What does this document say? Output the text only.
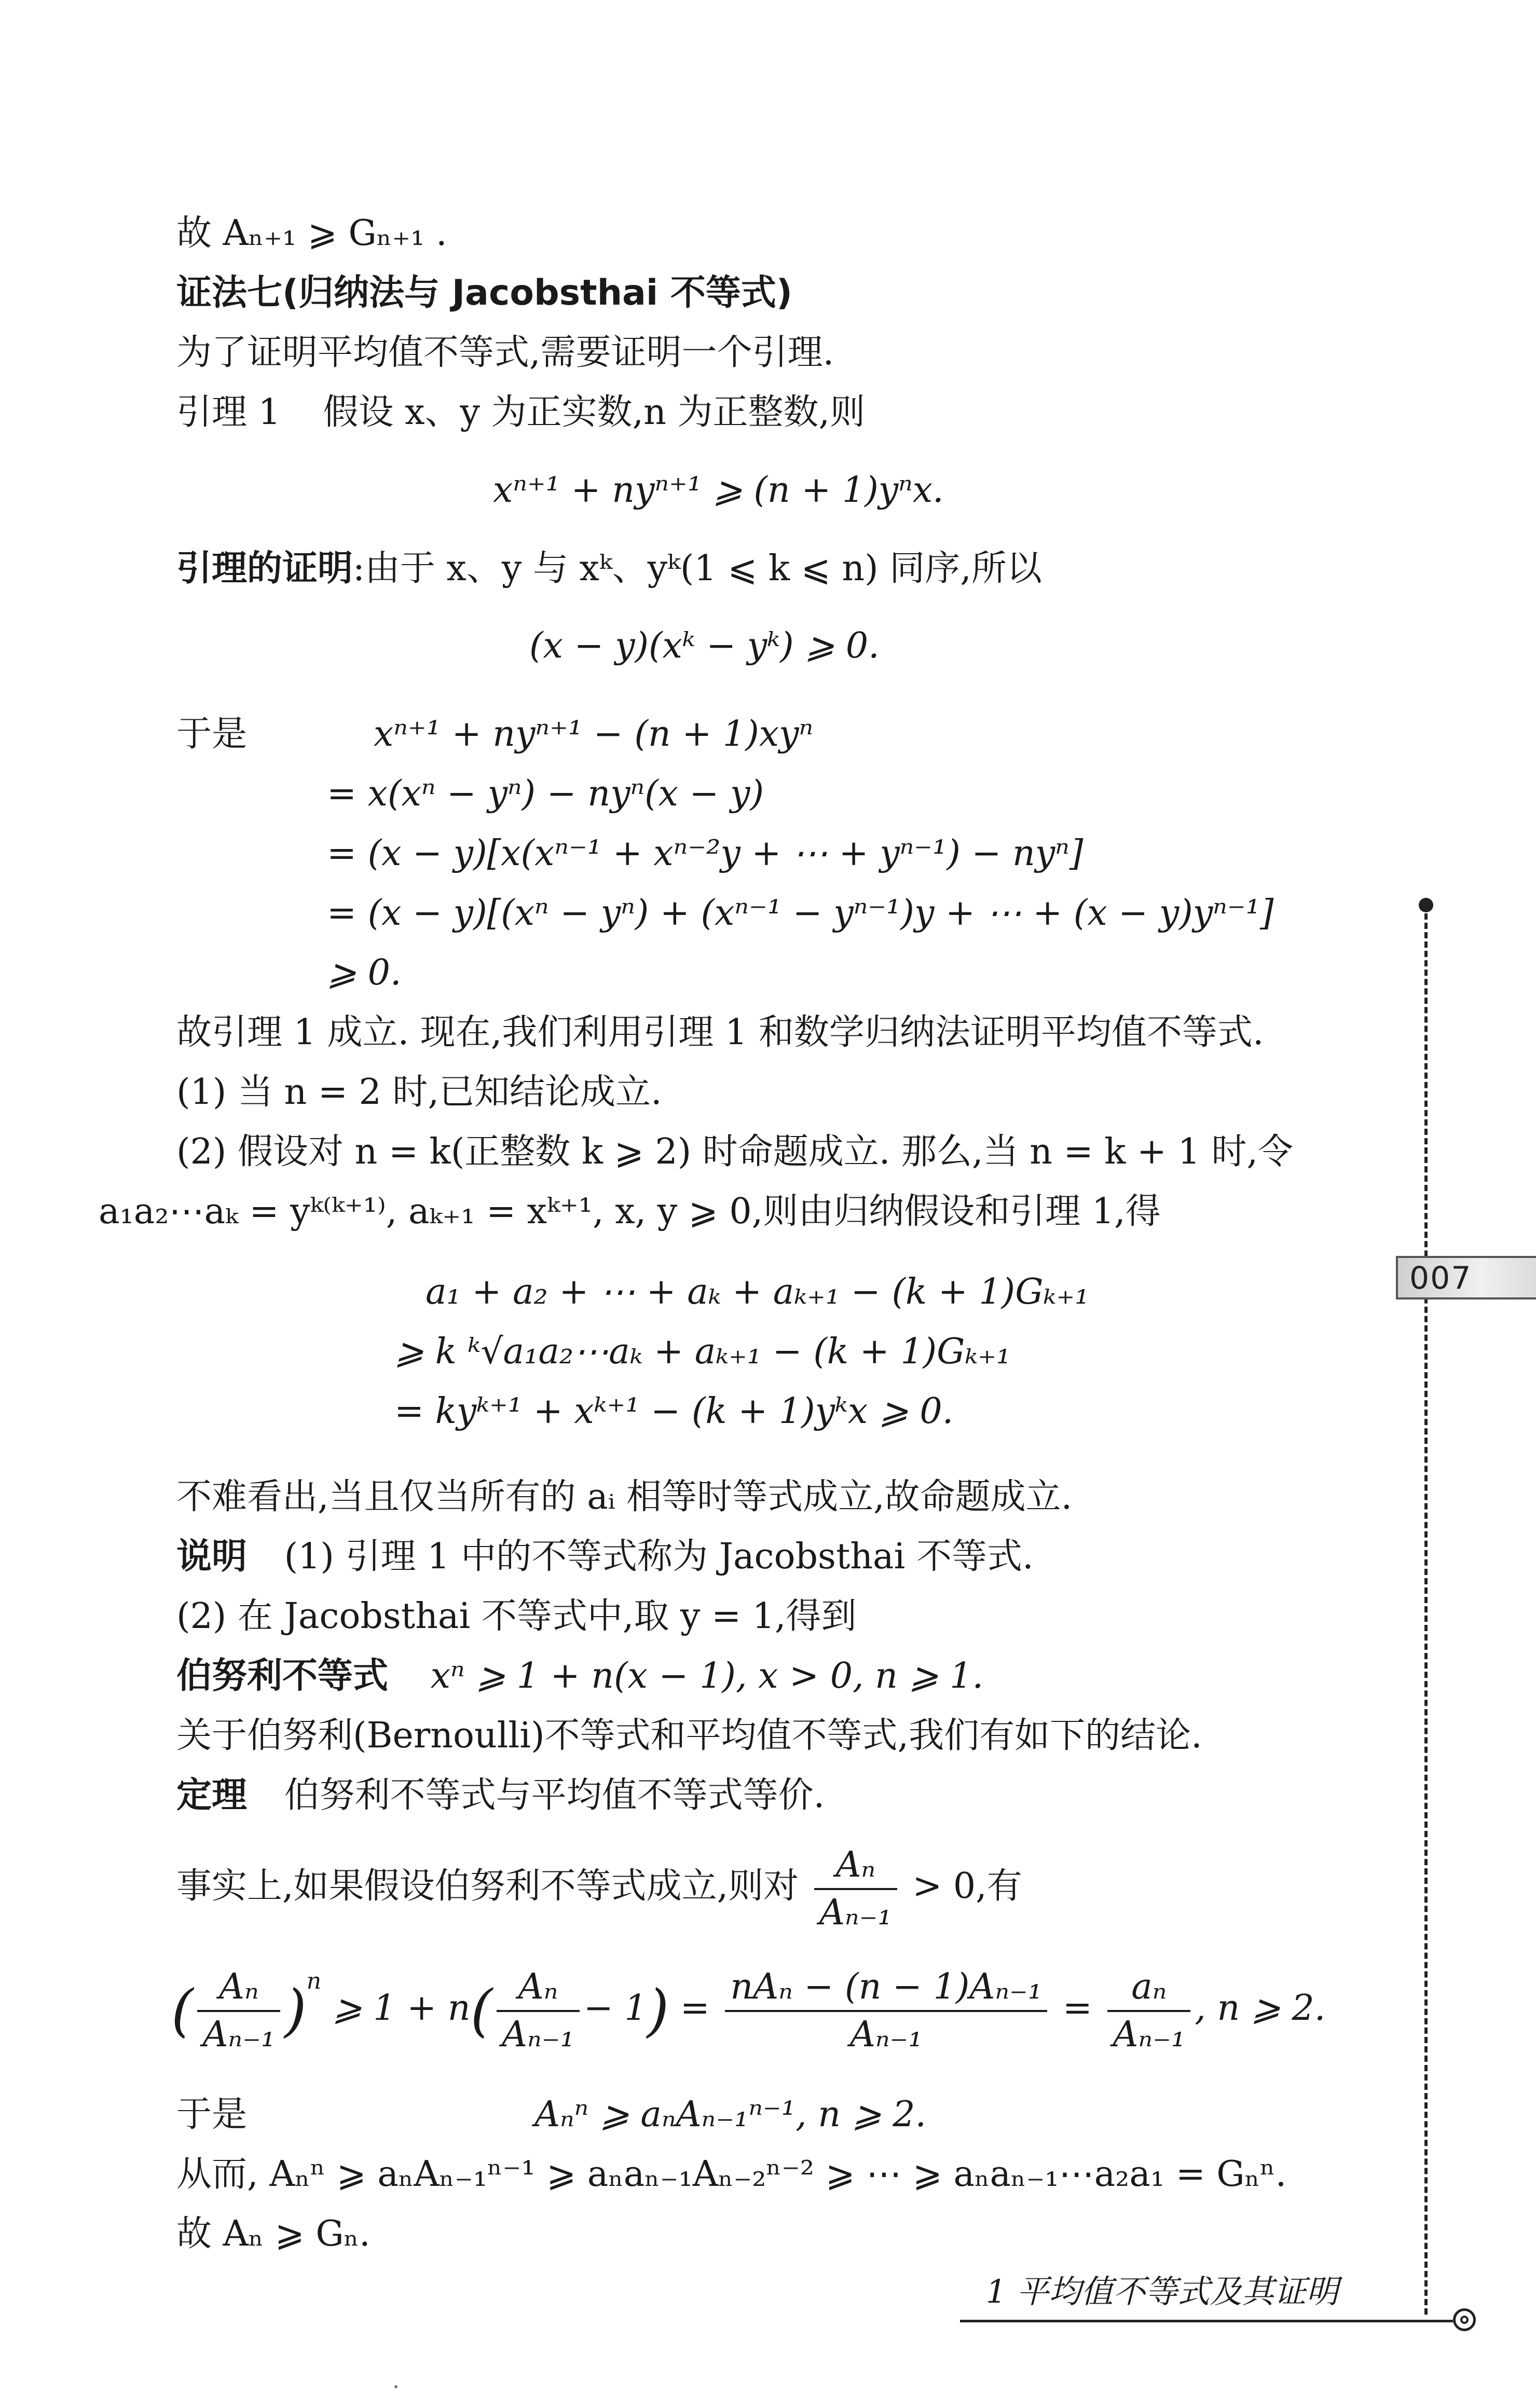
故 Aₙ₊₁ ⩾ Gₙ₊₁ .
证法七(归纳法与 Jacobsthai 不等式)
为了证明平均值不等式,需要证明一个引理.
引理 1 假设 x、y 为正实数,n 为正整数,则
xⁿ⁺¹ + nyⁿ⁺¹ ⩾ (n + 1)yⁿx.
引理的证明:由于 x、y 与 xᵏ、yᵏ(1 ⩽ k ⩽ n) 同序,所以
(x − y)(xᵏ − yᵏ) ⩾ 0.
于是	xⁿ⁺¹ + nyⁿ⁺¹ − (n + 1)xyⁿ
= x(xⁿ − yⁿ) − nyⁿ(x − y)
= (x − y)[x(xⁿ⁻¹ + xⁿ⁻²y + ⋯ + yⁿ⁻¹) − nyⁿ]
= (x − y)[(xⁿ − yⁿ) + (xⁿ⁻¹ − yⁿ⁻¹)y + ⋯ + (x − y)yⁿ⁻¹]
⩾ 0.
故引理 1 成立. 现在,我们利用引理 1 和数学归纳法证明平均值不等式.
(1) 当 n = 2 时,已知结论成立.
(2) 假设对 n = k(正整数 k ⩾ 2) 时命题成立. 那么,当 n = k + 1 时,令
a₁a₂⋯aₖ = yᵏ⁽ᵏ⁺¹⁾, aₖ₊₁ = xᵏ⁺¹, x, y ⩾ 0,则由归纳假设和引理 1,得
a₁ + a₂ + ⋯ + aₖ + aₖ₊₁ − (k + 1)Gₖ₊₁
⩾ k ᵏ√a₁a₂⋯aₖ + aₖ₊₁ − (k + 1)Gₖ₊₁
= kyᵏ⁺¹ + xᵏ⁺¹ − (k + 1)yᵏx ⩾ 0.
不难看出,当且仅当所有的 aᵢ 相等时等式成立,故命题成立.
说明 (1) 引理 1 中的不等式称为 Jacobsthai 不等式.
(2) 在 Jacobsthai 不等式中,取 y = 1,得到
伯努利不等式 xⁿ ⩾ 1 + n(x − 1), x > 0, n ⩾ 1.
关于伯努利(Bernoulli)不等式和平均值不等式,我们有如下的结论.
定理 伯努利不等式与平均值不等式等价.
事实上,如果假设伯努利不等式成立,则对 $\frac{\text{Aₙ}}{\text{Aₙ₋₁}} > 0$,有
( $\frac{\text{Aₙ}}{\text{Aₙ₋₁}} )^n$ ⩾ $1 + n( \frac{\text{Aₙ}}{\text{Aₙ₋₁}} - 1) = \frac{\text{nAₙ − (n − 1)Aₙ₋₁}}{\text{Aₙ₋₁}} = \frac{\text{aₙ}}{\text{Aₙ₋₁}}$ , n ⩾ 2.
于是	Aₙⁿ ⩾ aₙAₙ₋₁ⁿ⁻¹, n ⩾ 2.
从而, Aₙⁿ ⩾ aₙAₙ₋₁ⁿ⁻¹ ⩾ aₙaₙ₋₁Aₙ₋₂ⁿ⁻² ⩾ ⋯ ⩾ aₙaₙ₋₁⋯a₂a₁ = Gₙⁿ.
故 Aₙ ⩾ Gₙ.
007
1 平均值不等式及其证明
